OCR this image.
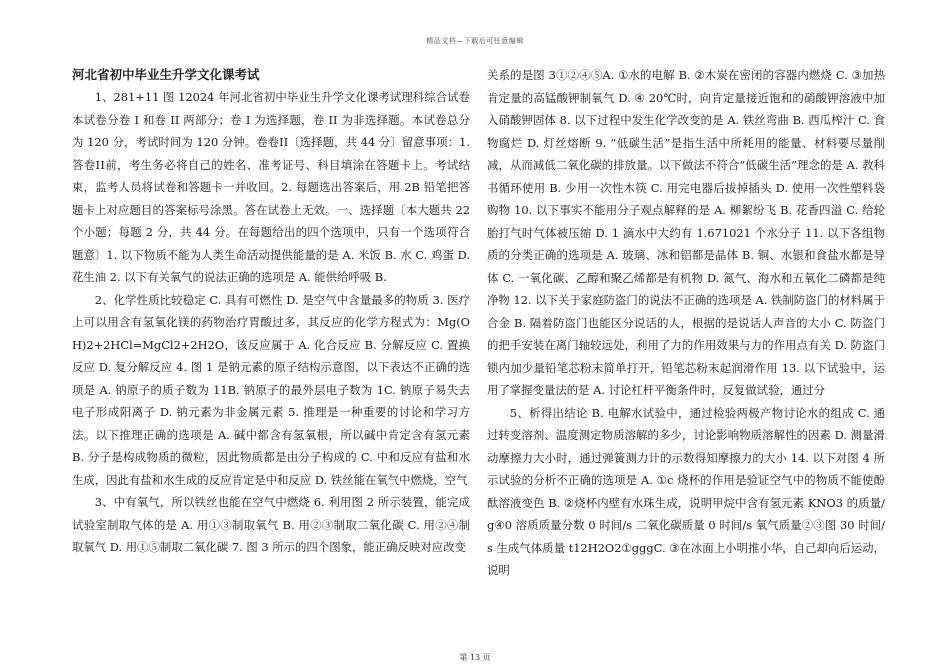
精品文档—下载后可任意编辑
河北省初中毕业生升学文化课考试

1、281+11 图 12024 年河北省初中毕业生升学文化课考试理科综合试卷本试卷分卷 I 和卷 II 两部分；卷 I 为选择题，卷 II 为非选择题。本试卷总分 为 120 分，考试时间为 120 分钟。卷卷ⅠⅠ〔选择题，共 44 分〕留意事项：1. 答卷ⅠⅠ前，考生务必将自己的姓名、准考证号、科目填涂在答题卡上。考试结束，监考人员将试卷和答题卡一并收回。2. 每题选出答案后，用 2B 铅笔把答题卡上对应题目的答案标号涂黑。答在试卷上无效。一、选择题〔本大题共 22 个小题；每题 2 分，共 44 分。在每题给出的四个选项中，只有一个选项符合题意〕1. 以下物质不能为人类生命活动提供能量的是 A. 米饭 B. 水 C. 鸡蛋 D. 花生油 2. 以下有关氧气的说法正确的选项是 A. 能供给呼吸 B.

2、化学性质比较稳定 C. 具有可燃性 D. 是空气中含量最多的物质 3. 医疗上可以用含有氢氧化镁的药物治疗胃酸过多，其反应的化学方程式为：Mg(OH)2+2HCl=MgCl2+2H2O，该反应属于 A. 化合反应 B. 分解反应 C. 置换反应 D. 复分解反应 4. 图 1 是钠元素的原子结构示意图，以下表达不正确的选项是 A. 钠原子的质子数为 11B. 钠原子的最外层电子数为 1C. 钠原子易失去电子形成阳离子 D. 钠元素为非金属元素 5. 推理是一种重要的讨论和学习方法。以下推理正确的选项是 A. 碱中都含有氢氧根，所以碱中肯定含有氢元素 B. 分子是构成物质的微粒，因此物质都是由分子构成的 C. 中和反应有盐和水生成，因此有盐和水生成的反应肯定是中和反应 D. 铁丝能在氧气中燃烧，空气

3、中有氧气，所以铁丝也能在空气中燃烧 6. 利用图 2 所示装置，能完成试验室制取气体的是 A. 用①③制取氧气 B. 用②③制取二氧化碳 C. 用②④制取氧气 D. 用①⑤制取二氧化碳 7. 图 3 所示的四个图象，能正确反映对应改变

关系的是图 3①②④⑤A. ①水的电解 B. ②木炭在密闭的容器内燃烧 C. ③加热肯定量的高锰酸钾制氧气 D. ④ 20℃时，向肯定量接近饱和的硝酸钾溶液中加入硝酸钾固体 8. 以下过程中发生化学改变的是 A. 铁丝弯曲 B. 西瓜榨汁 C. 食物腐烂 D. 灯丝熔断 9. “低碳生活”是指生活中所耗用的能量、材料要尽量削减，从而减低二氧化碳的排放量。以下做法不符合“低碳生活”理念的是 A. 教科书循环使用 B. 少用一次性木筷 C. 用完电器后拔掉插头 D. 使用一次性塑料袋购物 10. 以下事实不能用分子观点解释的是 A. 柳絮纷飞 B. 花香四溢 C. 给轮胎打气时气体被压缩 D. 1 滴水中大约有 1.671021 个水分子 11. 以下各组物质的分类正确的选项是 A. 玻璃、冰和铝都是晶体 B. 铜、水银和食盐水都是导体 C. 一氧化碳、乙醇和聚乙烯都是有机物 D. 氮气、海水和五氧化二磷都是纯净物 12. 以下关于家庭防盗门的说法不正确的选项是 A. 铁制防盗门的材料属于合金 B. 隔着防盗门也能区分说话的人，根据的是说话人声音的大小 C. 防盗门的把手安装在离门轴较远处，利用了力的作用效果与力的作用点有关 D. 防盗门锁内加少量铅笔芯粉末简单打开，铅笔芯粉末起润滑作用 13. 以下试验中，运用了掌握变量法的是 A. 讨论杠杆平衡条件时，反复做试验，通过分

5、析得出结论 B. 电解水试验中，通过检验两极产物讨论水的组成 C. 通过转变溶剂、温度测定物质溶解的多少，讨论影响物质溶解性的因素 D. 测量滑动摩擦力大小时，通过弹簧测力计的示数得知摩擦力的大小 14. 以下对图 4 所示试验的分析不正确的选项是 A. ①c 烧杯的作用是验证空气中的物质不能使酚酞溶液变色 B. ②烧杯内壁有水珠生成，说明甲烷中含有氢元素 KNO3 的质量/g④0 溶质质量分数 0 时间/s 二氧化碳质量 0 时间/s 氧气质量②③图 30 时间/s 生成气体质量 t12H2O2①gggC. ③在冰面上小明推小华，自己却向后运动，说明

第 13 页
